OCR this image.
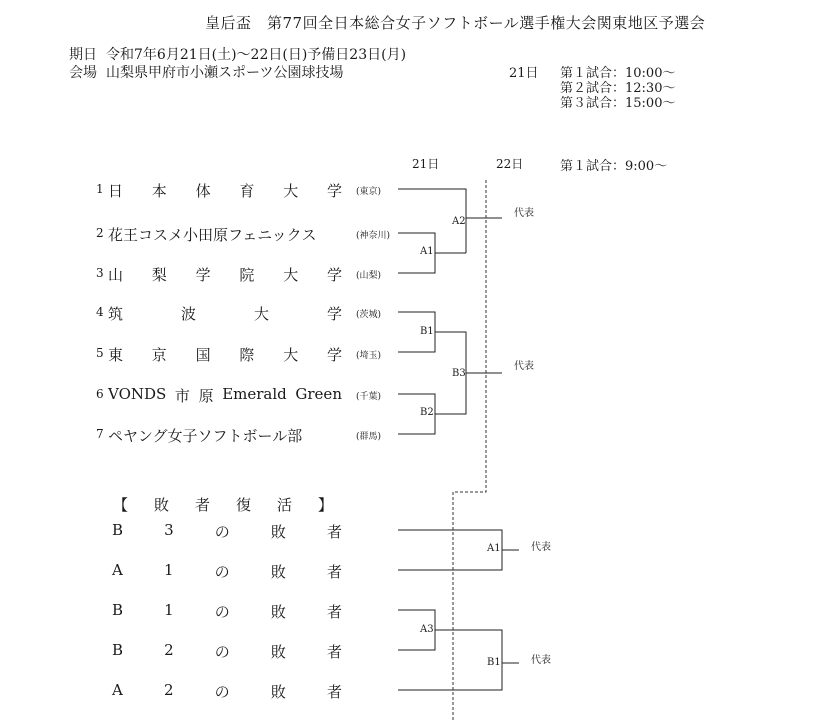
皇后盃　第77回全日本総合女子ソフトボール選手権大会関東地区予選会
期日 令和7年6月21日(土)～22日(日)予備日23日(月)
会場 山梨県甲府市小瀬スポーツ公園球技場	21日 第１試合：10:00～
第２試合：12:30～
第３試合：15:00～
21日	22日	第１試合：9:00～
1 日 本 体 育 大 学 (東京)
2 花王コスメ小田原フェニックス	(神奈川)
3 山 梨 学 院 大 学 (山梨)
4 筑	波	大	学 (茨城)
5 東 京 国 際 大 学 (埼玉)
6 VONDS 市 原 Emerald Green (千葉)
7 ペヤング女子ソフトボール部	(群馬)
A1
A2
B1
B2
B3
代表
代表
代表
代表
【 敗 者 復 活 】
B	3	の	敗	者
A	1	の	敗	者
B	1	の	敗	者
B	2	の	敗	者
A	2	の	敗	者
A1
A3
B1
